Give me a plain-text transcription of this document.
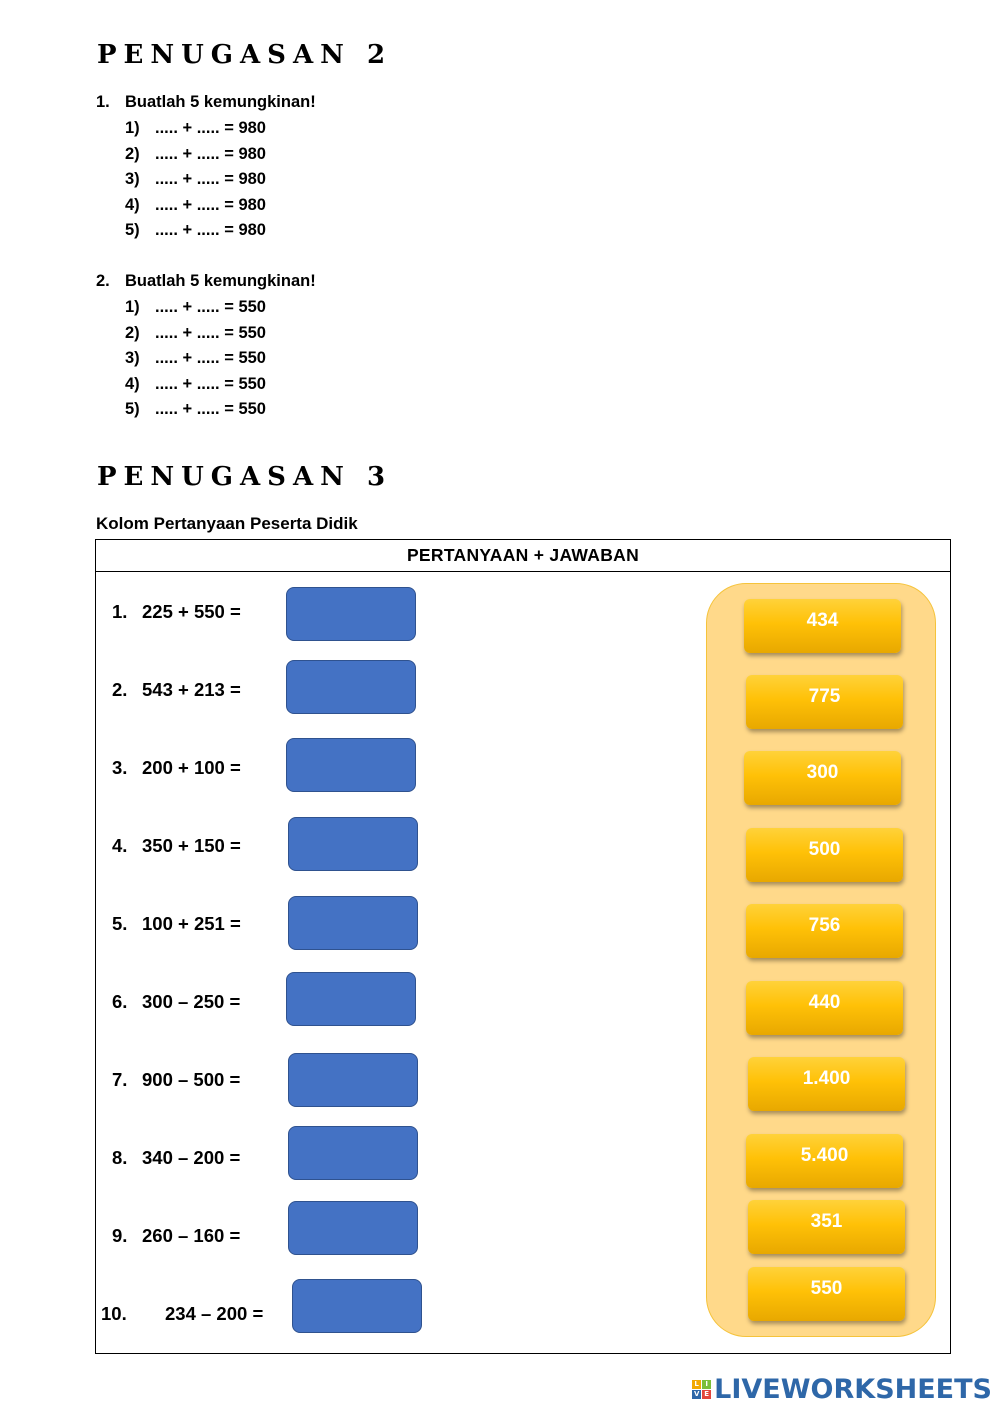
PENUGASAN 2
1. Buatlah 5 kemungkinan!
1) ..... + ..... = 980
2) ..... + ..... = 980
3) ..... + ..... = 980
4) ..... + ..... = 980
5) ..... + ..... = 980
2. Buatlah 5 kemungkinan!
1) ..... + ..... = 550
2) ..... + ..... = 550
3) ..... + ..... = 550
4) ..... + ..... = 550
5) ..... + ..... = 550
PENUGASAN 3

Kolom Pertanyaan Peserta Didik

PERTANYAAN + JAWABAN
1. 225 + 550 =
2. 543 + 213 =
3. 200 + 100 =
4. 350 + 150 =
5. 100 + 251 =
6. 300 – 250 =
7. 900 – 500 =
8. 340 – 200 =
9. 260 – 160 =
10. 234 – 200 =
434
775
300
500
756
440
1.400
5.400
351
550
L I
V E LIVEWORKSHEETS
